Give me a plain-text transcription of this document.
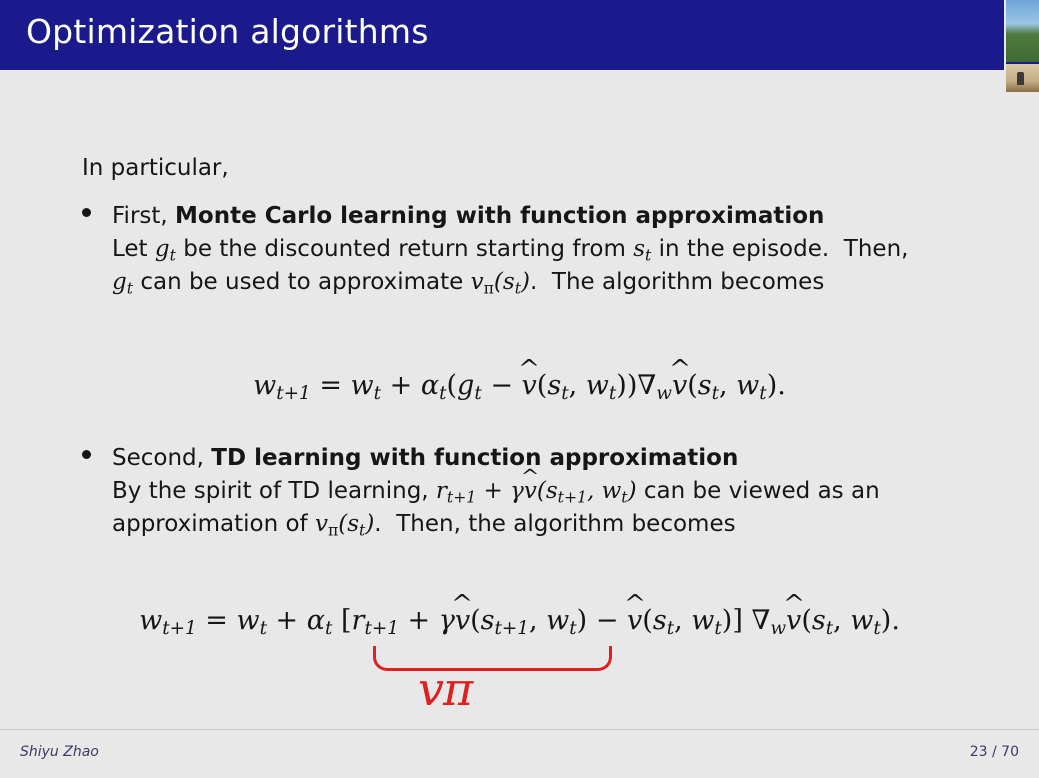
Optimization algorithms
In particular,
First, Monte Carlo learning with function approximation
Let $g_t$ be the discounted return starting from $s_t$ in the episode.  Then,
$g_t$ can be used to approximate $v\pi(s_t)$.  The algorithm becomes
$w_{t+1} = w_t + \alpha_t(g_t$ − ^ $v(s_t$, $w_t))\nabla_w\^{}$ $v(s_t$, $w_t$).
Second, TD learning with function approximation
By the spirit of TD learning, $r_{t+1}$ + γ^ $v(s_{t+1}$, $w_t$) can be viewed as an
approximation of $v\pi(s_t)$.  Then, the algorithm becomes
$w_{t+1} = w_t + \alpha_t$ [$r_{t+1}$ + γ^ $v(s_{t+1}$, $w_t$) − ^ $v(s_t$, $w_t$)] $\nabla_w\^{}$ $v(s_t$, $w_t$).
vπ
Shiyu Zhao	23 / 70
